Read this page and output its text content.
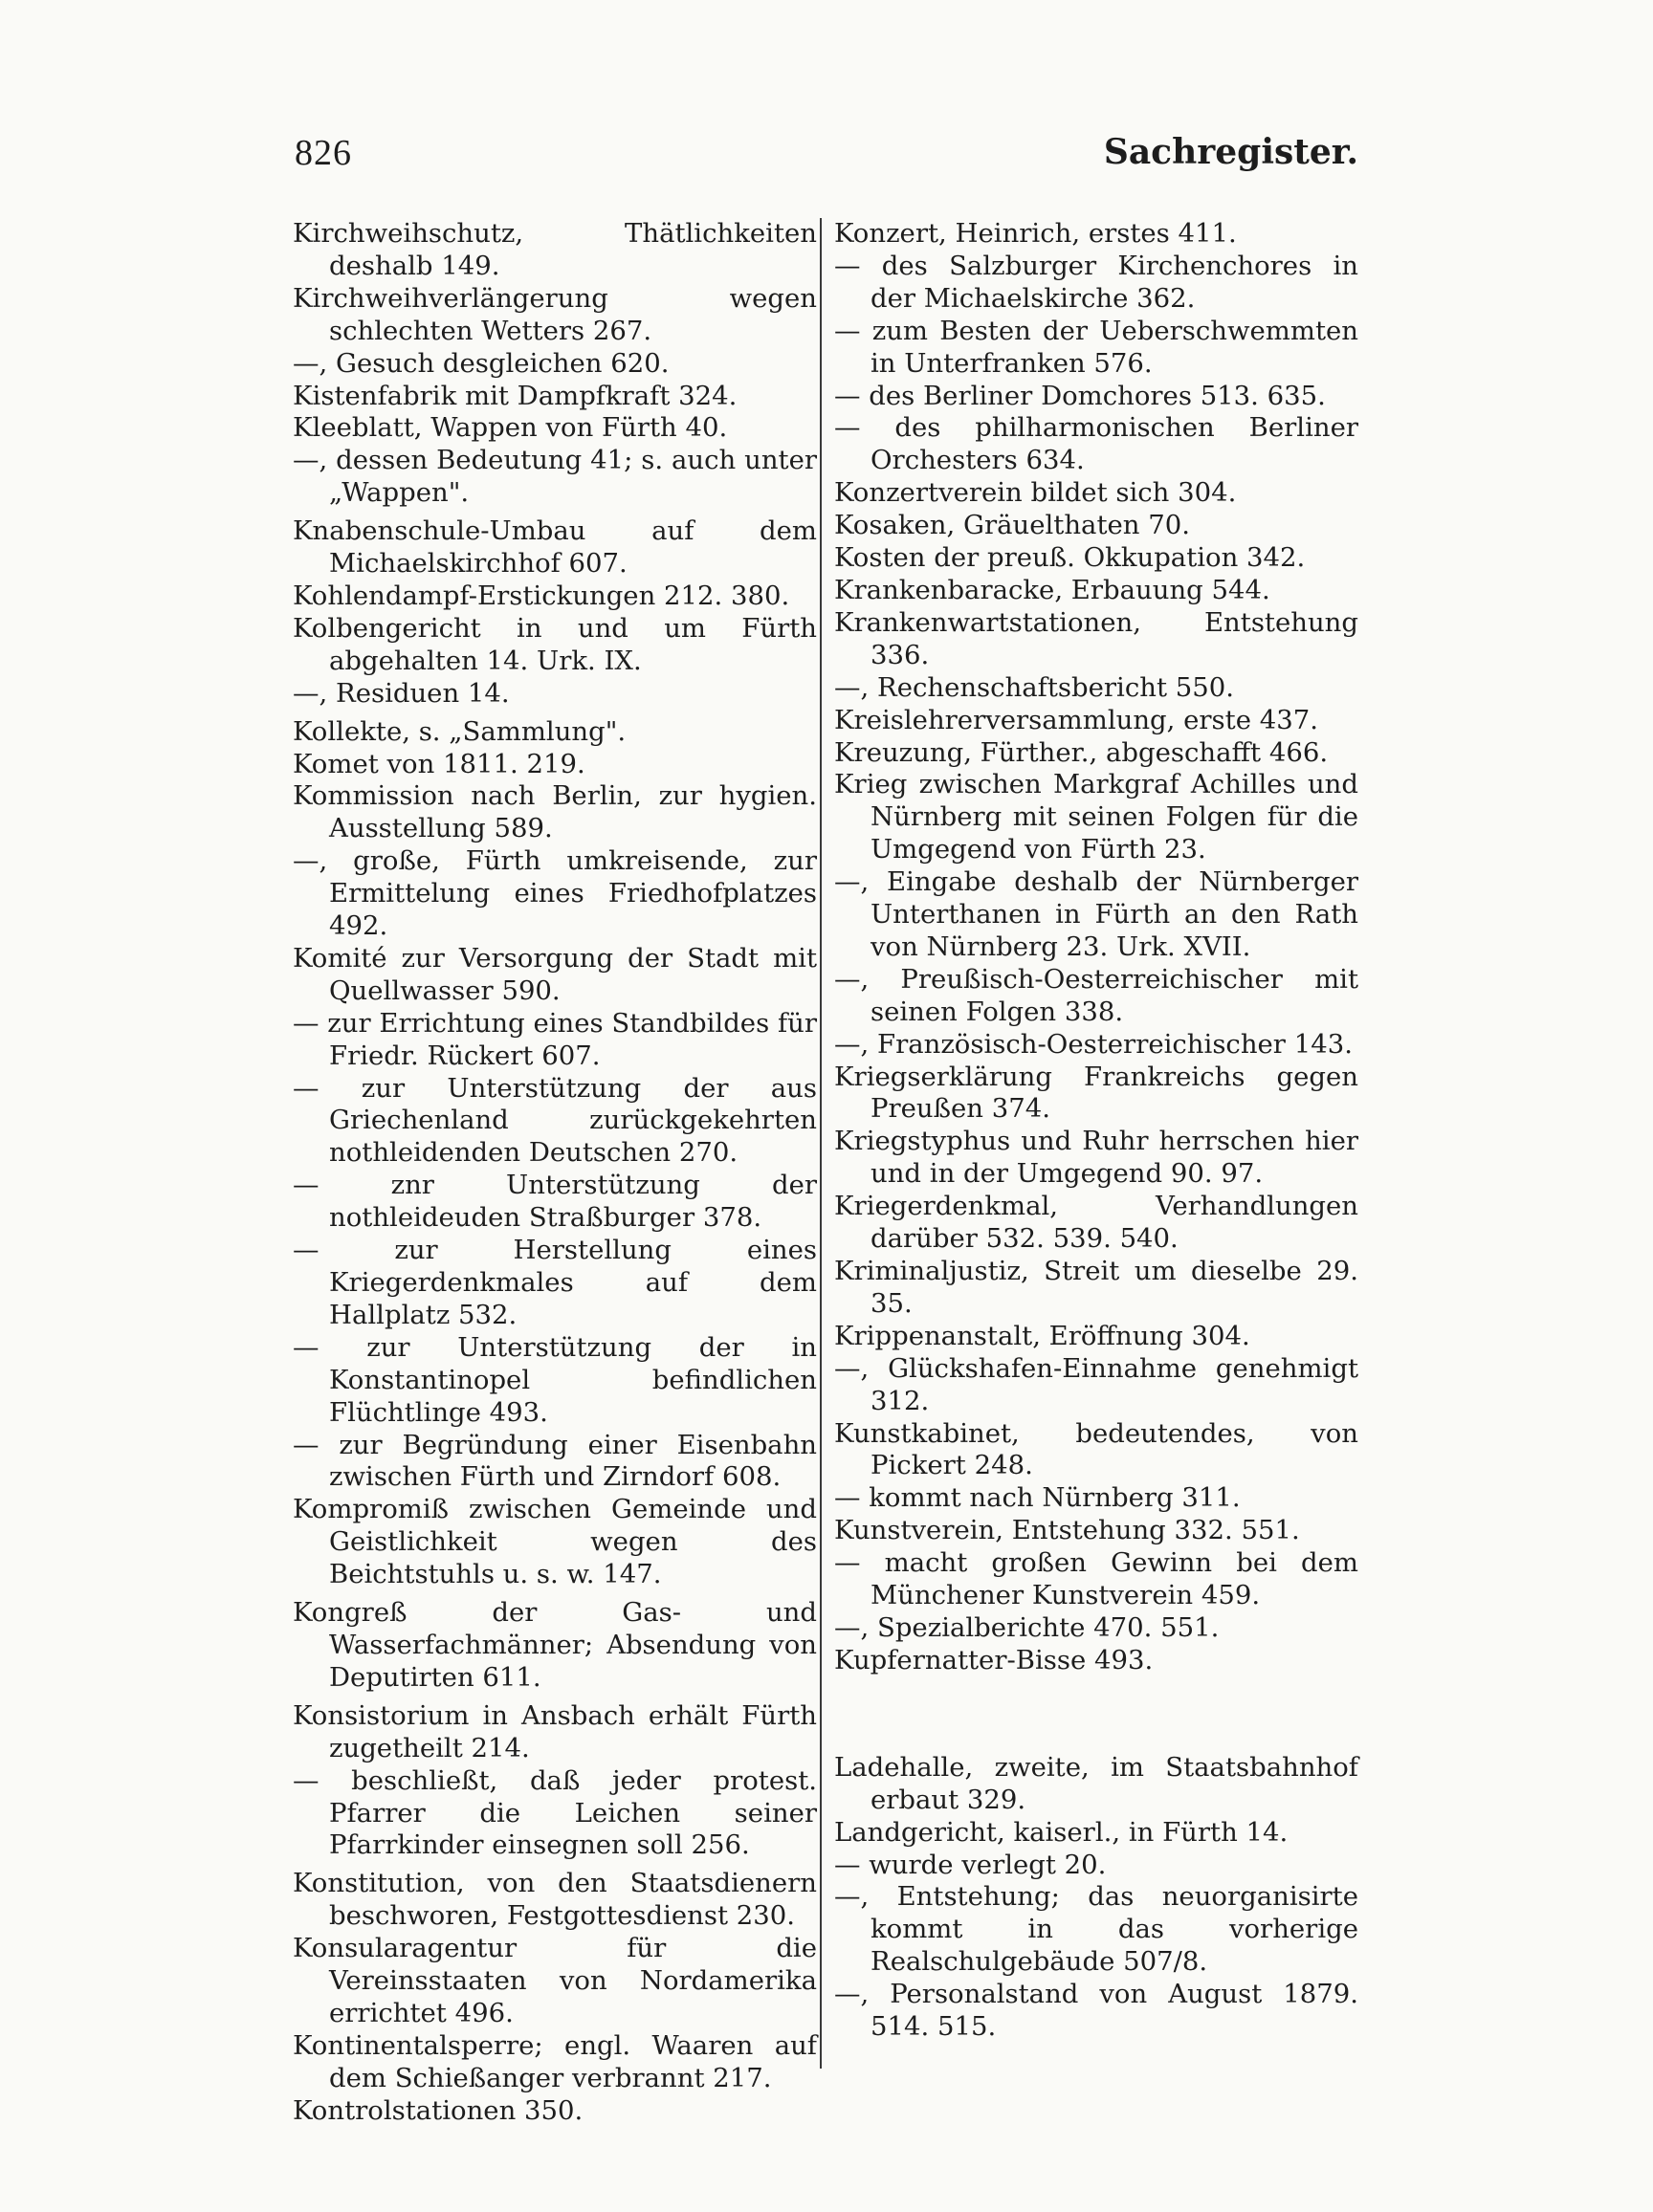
826	Sachregister.

Kirchweihschutz, Thätlichkeiten deshalb 149.

Kirchweihverlängerung wegen schlechten Wetters 267.

—, Gesuch desgleichen 620.

Kistenfabrik mit Dampfkraft 324.

Kleeblatt, Wappen von Fürth 40.

—, dessen Bedeutung 41; s. auch unter „Wappen".

Knabenschule-Umbau auf dem Michaelskirchhof 607.

Kohlendampf-Erstickungen 212. 380.

Kolbengericht in und um Fürth abgehalten 14. Urk. IX.

—, Residuen 14.

Kollekte, s. „Sammlung".

Komet von 1811. 219.

Kommission nach Berlin, zur hygien. Ausstellung 589.

—, große, Fürth umkreisende, zur Ermittelung eines Friedhofplatzes 492.

Komité zur Versorgung der Stadt mit Quellwasser 590.

— zur Errichtung eines Standbildes für Friedr. Rückert 607.

— zur Unterstützung der aus Griechenland zurückgekehrten nothleidenden Deutschen 270.

— znr Unterstützung der nothleideuden Straßburger 378.

— zur Herstellung eines Kriegerdenkmales auf dem Hallplatz 532.

— zur Unterstützung der in Konstantinopel befindlichen Flüchtlinge 493.

— zur Begründung einer Eisenbahn zwischen Fürth und Zirndorf 608.

Kompromiß zwischen Gemeinde und Geistlichkeit wegen des Beichtstuhls u. s. w. 147.

Kongreß der Gas- und Wasserfachmänner; Absendung von Deputirten 611.

Konsistorium in Ansbach erhält Fürth zugetheilt 214.

— beschließt, daß jeder protest. Pfarrer die Leichen seiner Pfarrkinder einsegnen soll 256.

Konstitution, von den Staatsdienern beschworen, Festgottesdienst 230.

Konsularagentur für die Vereinsstaaten von Nordamerika errichtet 496.

Kontinentalsperre; engl. Waaren auf dem Schießanger verbrannt 217.

Kontrolstationen 350.

Konzert, Heinrich, erstes 411.

— des Salzburger Kirchenchores in der Michaelskirche 362.

— zum Besten der Ueberschwemmten in Unterfranken 576.

— des Berliner Domchores 513. 635.

— des philharmonischen Berliner Orchesters 634.

Konzertverein bildet sich 304.

Kosaken, Gräuelthaten 70.

Kosten der preuß. Okkupation 342.

Krankenbaracke, Erbauung 544.

Krankenwartstationen, Entstehung 336.

—, Rechenschaftsbericht 550.

Kreislehrerversammlung, erste 437.

Kreuzung, Fürther., abgeschafft 466.

Krieg zwischen Markgraf Achilles und Nürnberg mit seinen Folgen für die Umgegend von Fürth 23.

—, Eingabe deshalb der Nürnberger Unterthanen in Fürth an den Rath von Nürnberg 23. Urk. XVII.

—, Preußisch-Oesterreichischer mit seinen Folgen 338.

—, Französisch-Oesterreichischer 143.

Kriegserklärung Frankreichs gegen Preußen 374.

Kriegstyphus und Ruhr herrschen hier und in der Umgegend 90. 97.

Kriegerdenkmal, Verhandlungen darüber 532. 539. 540.

Kriminaljustiz, Streit um dieselbe 29. 35.

Krippenanstalt, Eröffnung 304.

—, Glückshafen-Einnahme genehmigt 312.

Kunstkabinet, bedeutendes, von Pickert 248.

— kommt nach Nürnberg 311.

Kunstverein, Entstehung 332. 551.

— macht großen Gewinn bei dem Münchener Kunstverein 459.

—, Spezialberichte 470. 551.

Kupfernatter-Bisse 493.

Ladehalle, zweite, im Staatsbahnhof erbaut 329.

Landgericht, kaiserl., in Fürth 14.

— wurde verlegt 20.

—, Entstehung; das neuorganisirte kommt in das vorherige Realschulgebäude 507/8.

—, Personalstand von August 1879. 514. 515.
